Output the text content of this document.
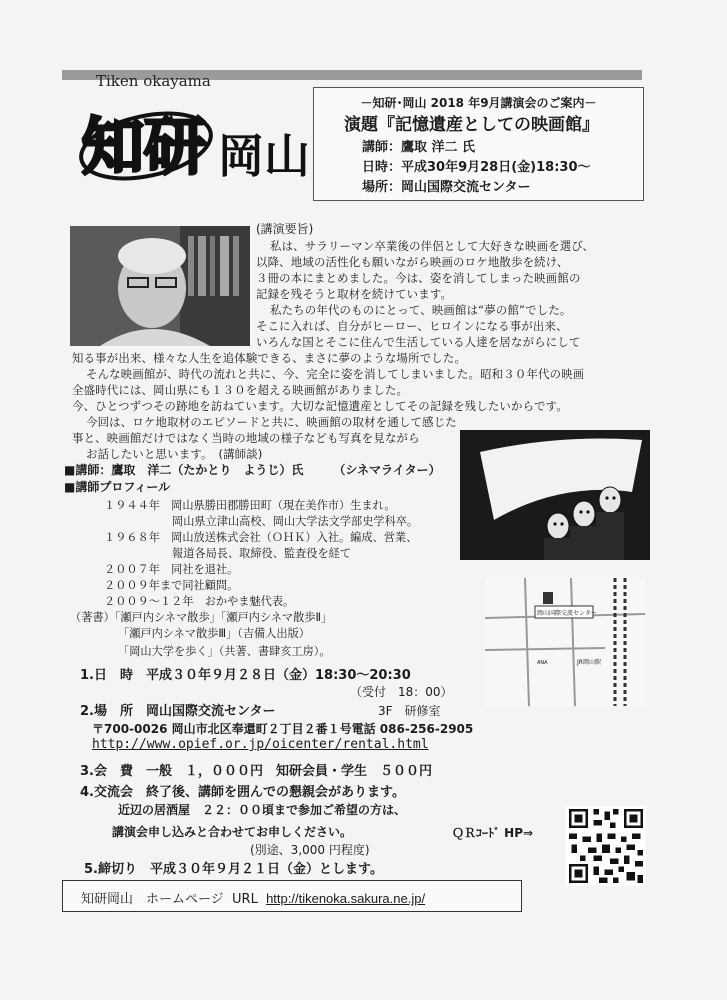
Tiken okayama
知研 岡山
－知研･岡山 2018 年9月講演会のご案内－
演題『記憶遺産としての映画館』
講師：鷹取 洋二 氏
日時：平成30年9月28日(金)18:30～
場所：岡山国際交流センター
(講演要旨)
私は、サラリーマン卒業後の伴侶として大好きな映画を選び、
以降、地域の活性化も願いながら映画のロケ地散歩を続け、
３冊の本にまとめました。今は、姿を消してしまった映画館の
記録を残そうと取材を続けています。
私たちの年代のものにとって、映画館は“夢の館”でした。
そこに入れば、自分がヒーロー、ヒロインになる事が出来、
いろんな国とそこに住んで生活している人達を居ながらにして
知る事が出来、様々な人生を追体験できる、まさに夢のような場所でした。
そんな映画館が、時代の流れと共に、今、完全に姿を消してしまいました。昭和３０年代の映画
全盛時代には、岡山県にも１３０を超える映画館がありました。
今、ひとつずつその跡地を訪ねています。大切な記憶遺産としてその記録を残したいからです。
今回は、ロケ地取材のエピソードと共に、映画館の取材を通して感じた
事と、映画館だけではなく当時の地域の様子なども写真を見ながら
お話したいと思います。　(講師談)
岡山国際交流センター
ANA	JR岡山駅
■講師：鷹取　洋二（たかとり　ようじ）氏　　　（シネマライター）
■講師プロフィール
１９４４年　岡山県勝田郡勝田町（現在美作市）生まれ。
岡山県立津山高校、岡山大学法文学部史学科卒。
１９６８年　岡山放送株式会社（ＯＨＫ）入社。編成、営業、
報道各局長、取締役、監査役を経て
２００７年　同社を退社。
２００９年まで同社顧問。
２００９～１２年　おかやま魅代表。
（著書）「瀬戸内シネマ散歩」「瀬戸内シネマ散歩Ⅱ」
「瀬戸内シネマ散歩Ⅲ」（吉備人出版）
「岡山大学を歩く」（共著、書肆亥工房）。
1.日　時　平成３０年９月２８日（金）18:30～20:30
（受付　18：00）
2.場　所　岡山国際交流センター	3F　研修室
〒700-0026 岡山市北区奉還町２丁目２番１号電話 086-256-2905
http://www.opief.or.jp/oicenter/rental.html
3.会　費　一般　１，０００円　知研会員・学生　５００円
4.交流会　終了後、講師を囲んでの懇親会があります。
近辺の居酒屋　２２：００頃まで参加ご希望の方は、
講演会申し込みと合わせてお申しください。
(別途、3,000 円程度)
ＱＲｺｰﾄﾞ HP⇒
5.締切り　平成３０年９月２１日（金）とします。
知研岡山　ホームページ URL http://tikenoka.sakura.ne.jp/
